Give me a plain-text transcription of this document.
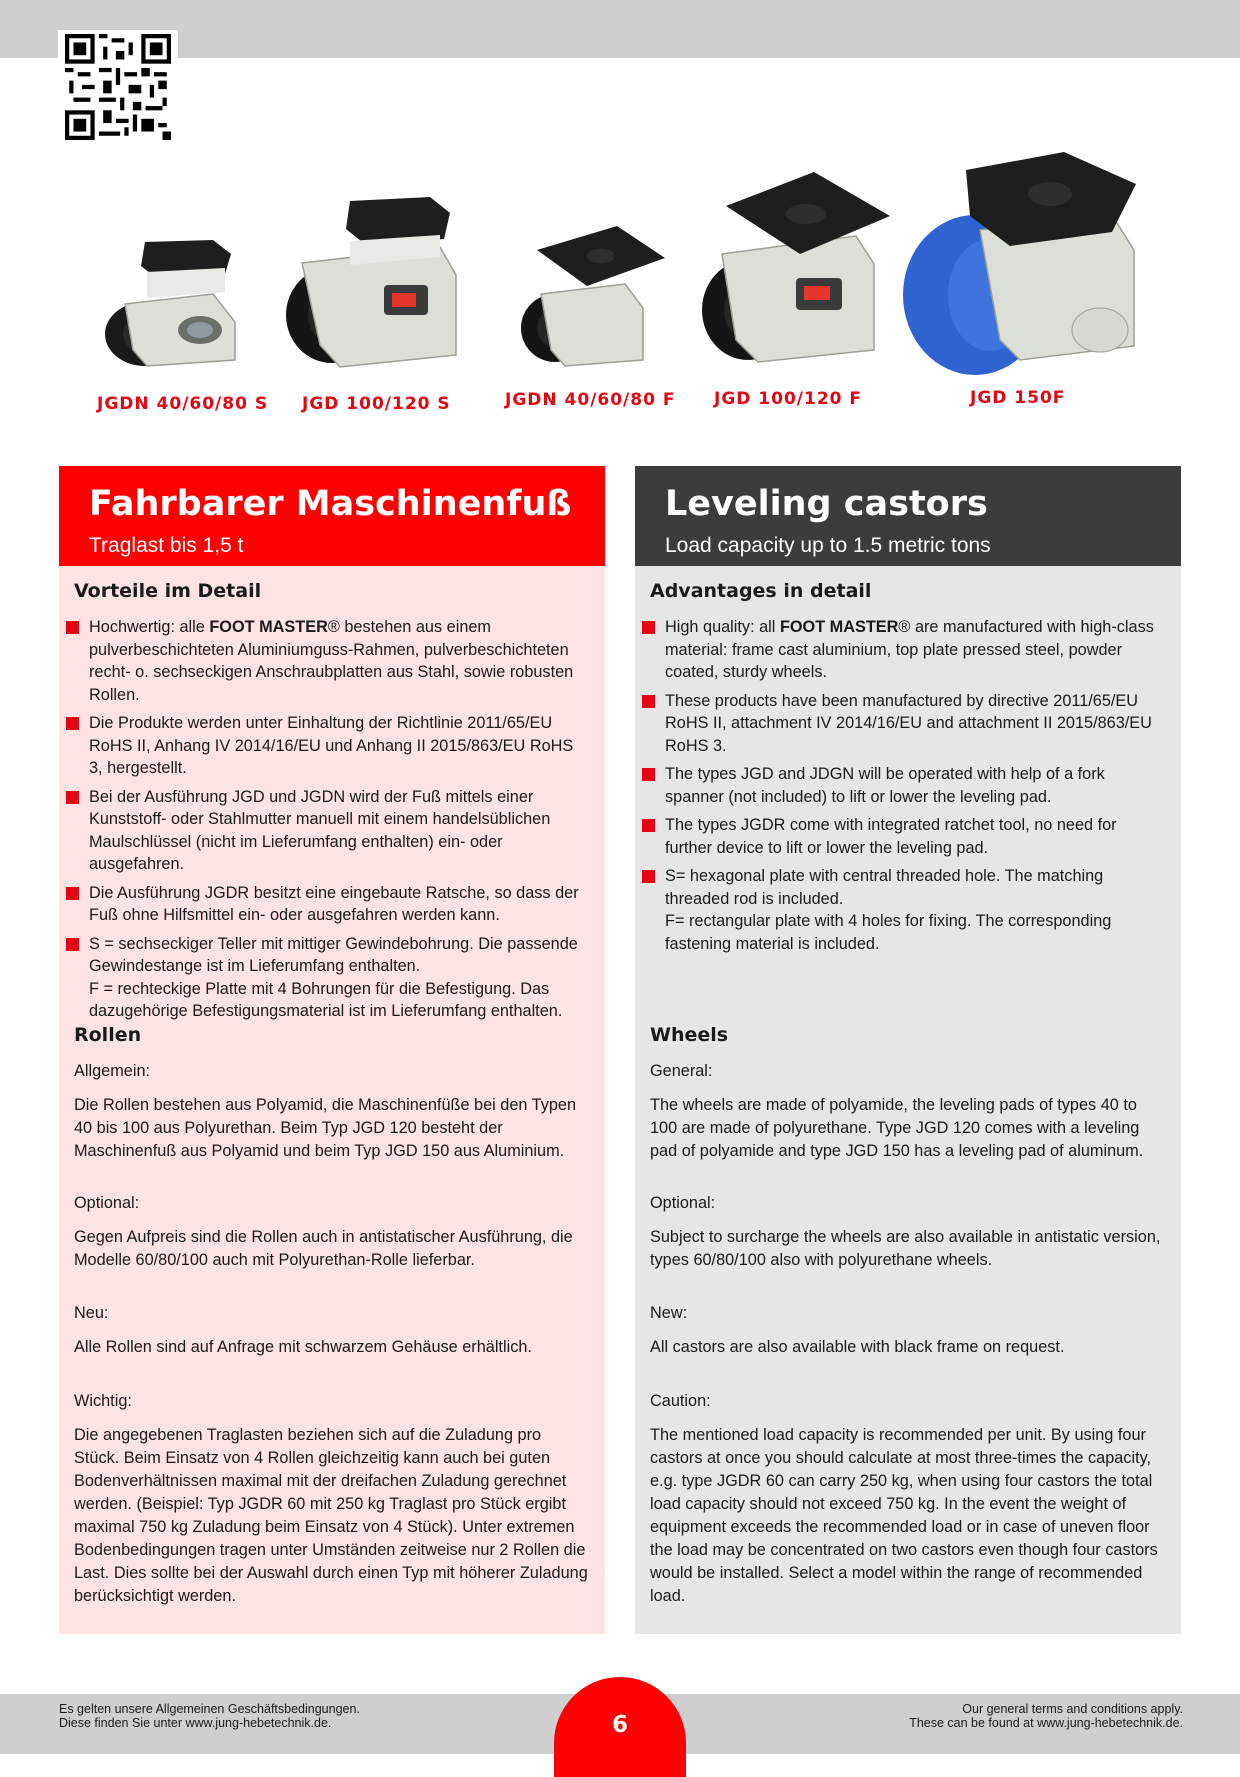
JGDN 40/60/80 S JGD 100/120 S	JGDN 40/60/80 F JGD 100/120 F	JGD 150F
Fahrbarer Maschinenfuß
Traglast bis 1,5 t
Vorteile im Detail
Hochwertig: alle FOOT MASTER® bestehen aus einem pulverbeschichteten Aluminiumguss-Rahmen, pulverbeschichteten recht- o. sechseckigen Anschraubplatten aus Stahl, sowie robusten Rollen.
Die Produkte werden unter Einhaltung der Richtlinie 2011/65/EU RoHS II, Anhang IV 2014/16/EU und Anhang II 2015/863/EU RoHS 3, hergestellt.
Bei der Ausführung JGD und JGDN wird der Fuß mittels einer Kunststoff- oder Stahlmutter manuell mit einem handelsüblichen Maulschlüssel (nicht im Lieferumfang enthalten) ein- oder ausgefahren.
Die Ausführung JGDR besitzt eine eingebaute Ratsche, so dass der Fuß ohne Hilfsmittel ein- oder ausgefahren werden kann.
S = sechseckiger Teller mit mittiger Gewindebohrung. Die passende Gewindestange ist im Lieferumfang enthalten.
F = rechteckige Platte mit 4 Bohrungen für die Befestigung. Das dazugehörige Befestigungsmaterial ist im Lieferumfang enthalten.
Rollen

Allgemein:

Die Rollen bestehen aus Polyamid, die Maschinenfüße bei den Typen 40 bis 100 aus Polyurethan. Beim Typ JGD 120 besteht der Maschinenfuß aus Polyamid und beim Typ JGD 150 aus Aluminium.

Optional:

Gegen Aufpreis sind die Rollen auch in antistatischer Ausführung, die Modelle 60/80/100 auch mit Polyurethan-Rolle lieferbar.

Neu:

Alle Rollen sind auf Anfrage mit schwarzem Gehäuse erhältlich.

Wichtig:

Die angegebenen Traglasten beziehen sich auf die Zuladung pro Stück. Beim Einsatz von 4 Rollen gleichzeitig kann auch bei guten Bodenverhältnissen maximal mit der dreifachen Zuladung gerechnet werden. (Beispiel: Typ JGDR 60 mit 250 kg Traglast pro Stück ergibt maximal 750 kg Zuladung beim Einsatz von 4 Stück). Unter extremen Bodenbedingungen tragen unter Umständen zeitweise nur 2 Rollen die Last. Dies sollte bei der Auswahl durch einen Typ mit höherer Zuladung berücksichtigt werden.

Leveling castors
Load capacity up to 1.5 metric tons
Advantages in detail
High quality: all FOOT MASTER® are manufactured with high-class material: frame cast aluminium, top plate pressed steel, powder coated, sturdy wheels.
These products have been manufactured by directive 2011/65/EU RoHS II, attachment IV 2014/16/EU and attachment II 2015/863/EU RoHS 3.
The types JGD and JDGN will be operated with help of a fork spanner (not included) to lift or lower the leveling pad.
The types JGDR come with integrated ratchet tool, no need for further device to lift or lower the leveling pad.
S= hexagonal plate with central threaded hole. The matching threaded rod is included.
F= rectangular plate with 4 holes for fixing. The corresponding fastening material is included.
Wheels

General:

The wheels are made of polyamide, the leveling pads of types 40 to 100 are made of polyurethane. Type JGD 120 comes with a leveling pad of polyamide and type JGD 150 has a leveling pad of aluminum.

Optional:

Subject to surcharge the wheels are also available in antistatic version, types 60/80/100 also with polyurethane wheels.

New:

All castors are also available with black frame on request.

Caution:

The mentioned load capacity is recommended per unit. By using four castors at once you should calculate at most three-times the capacity, e.g. type JGDR 60 can carry 250 kg, when using four castors the total load capacity should not exceed 750 kg. In the event the weight of equipment exceeds the recommended load or in case of uneven floor the load may be concentrated on two castors even though four castors would be installed. Select a model within the range of recommended load.

Es gelten unsere Allgemeinen Geschäftsbedingungen.
Diese finden Sie unter www.jung-hebetechnik.de.
Our general terms and conditions apply.
These can be found at www.jung-hebetechnik.de.
6
